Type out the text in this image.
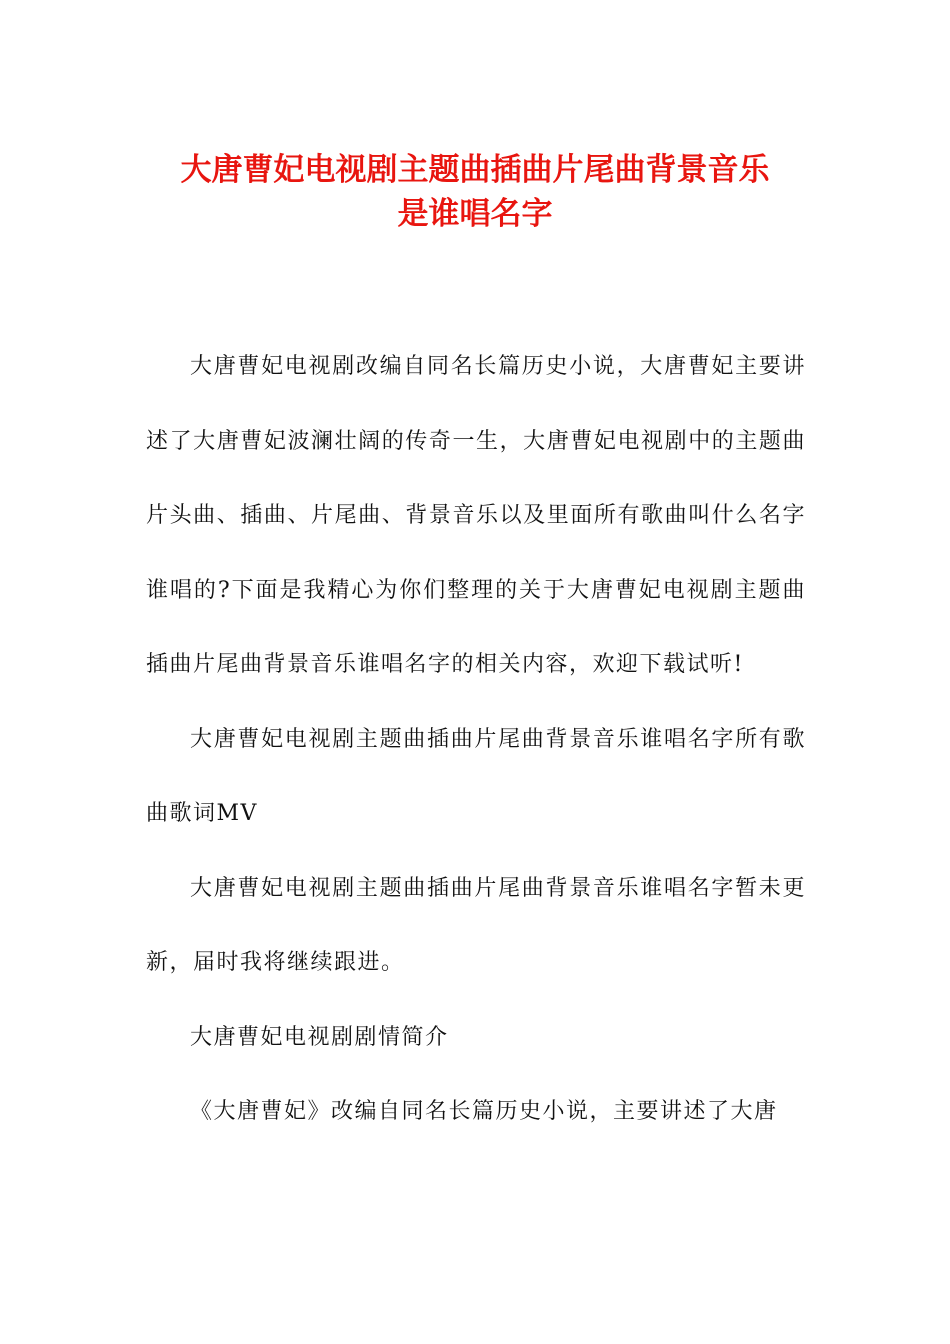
大唐曹妃电视剧主题曲插曲片尾曲背景音乐
是谁唱名字

大唐曹妃电视剧改编自同名长篇历史小说，大唐曹妃主要讲述了大唐曹妃波澜壮阔的传奇一生，大唐曹妃电视剧中的主题曲片头曲、插曲、片尾曲、背景音乐以及里面所有歌曲叫什么名字谁唱的?下面是我精心为你们整理的关于大唐曹妃电视剧主题曲插曲片尾曲背景音乐谁唱名字的相关内容，欢迎下载试听!

大唐曹妃电视剧主题曲插曲片尾曲背景音乐谁唱名字所有歌曲歌词MV

大唐曹妃电视剧主题曲插曲片尾曲背景音乐谁唱名字暂未更新，届时我将继续跟进。

大唐曹妃电视剧剧情简介

《大唐曹妃》改编自同名长篇历史小说，主要讲述了大唐
